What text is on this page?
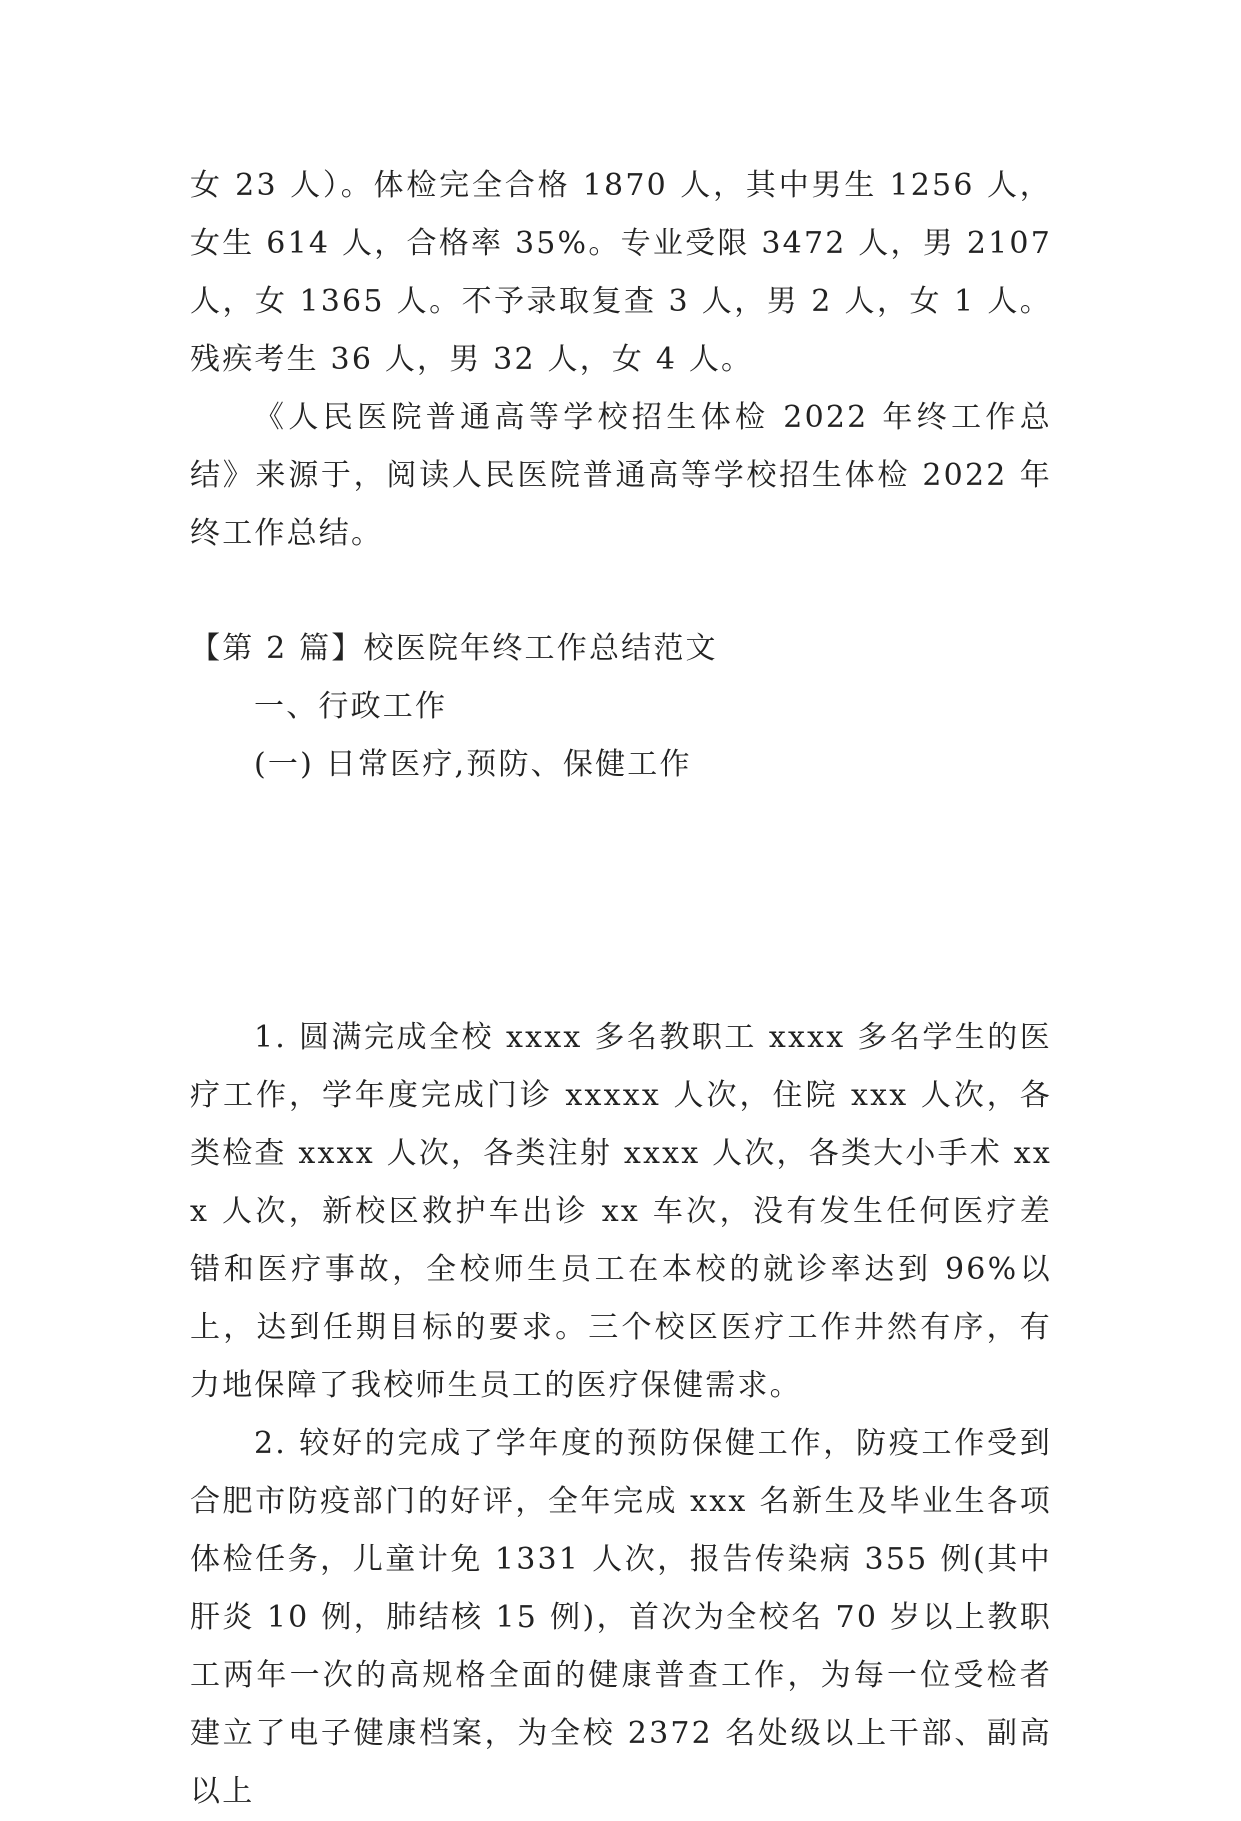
女 23 人）。体检完全合格 1870 人，其中男生 1256 人，女生 614 人，合格率 35%。专业受限 3472 人，男 2107 人，女 1365 人。不予录取复查 3 人，男 2 人，女 1 人。残疾考生 36 人，男 32 人，女 4 人。

《人民医院普通高等学校招生体检 2022 年终工作总结》来源于，阅读人民医院普通高等学校招生体检 2022 年终工作总结。

【第 2 篇】校医院年终工作总结范文

一、行政工作

(一) 日常医疗,预防、保健工作

1. 圆满完成全校 xxxx 多名教职工 xxxx 多名学生的医疗工作，学年度完成门诊 xxxxx 人次，住院 xxx 人次，各类检查 xxxx 人次，各类注射 xxxx 人次，各类大小手术 xxx 人次，新校区救护车出诊 xx 车次，没有发生任何医疗差错和医疗事故，全校师生员工在本校的就诊率达到 96%以上，达到任期目标的要求。三个校区医疗工作井然有序，有力地保障了我校师生员工的医疗保健需求。

2. 较好的完成了学年度的预防保健工作，防疫工作受到合肥市防疫部门的好评，全年完成 xxx 名新生及毕业生各项体检任务，儿童计免 1331 人次，报告传染病 355 例(其中肝炎 10 例，肺结核 15 例)，首次为全校名 70 岁以上教职工两年一次的高规格全面的健康普查工作，为每一位受检者建立了电子健康档案，为全校 2372 名处级以上干部、副高以上
